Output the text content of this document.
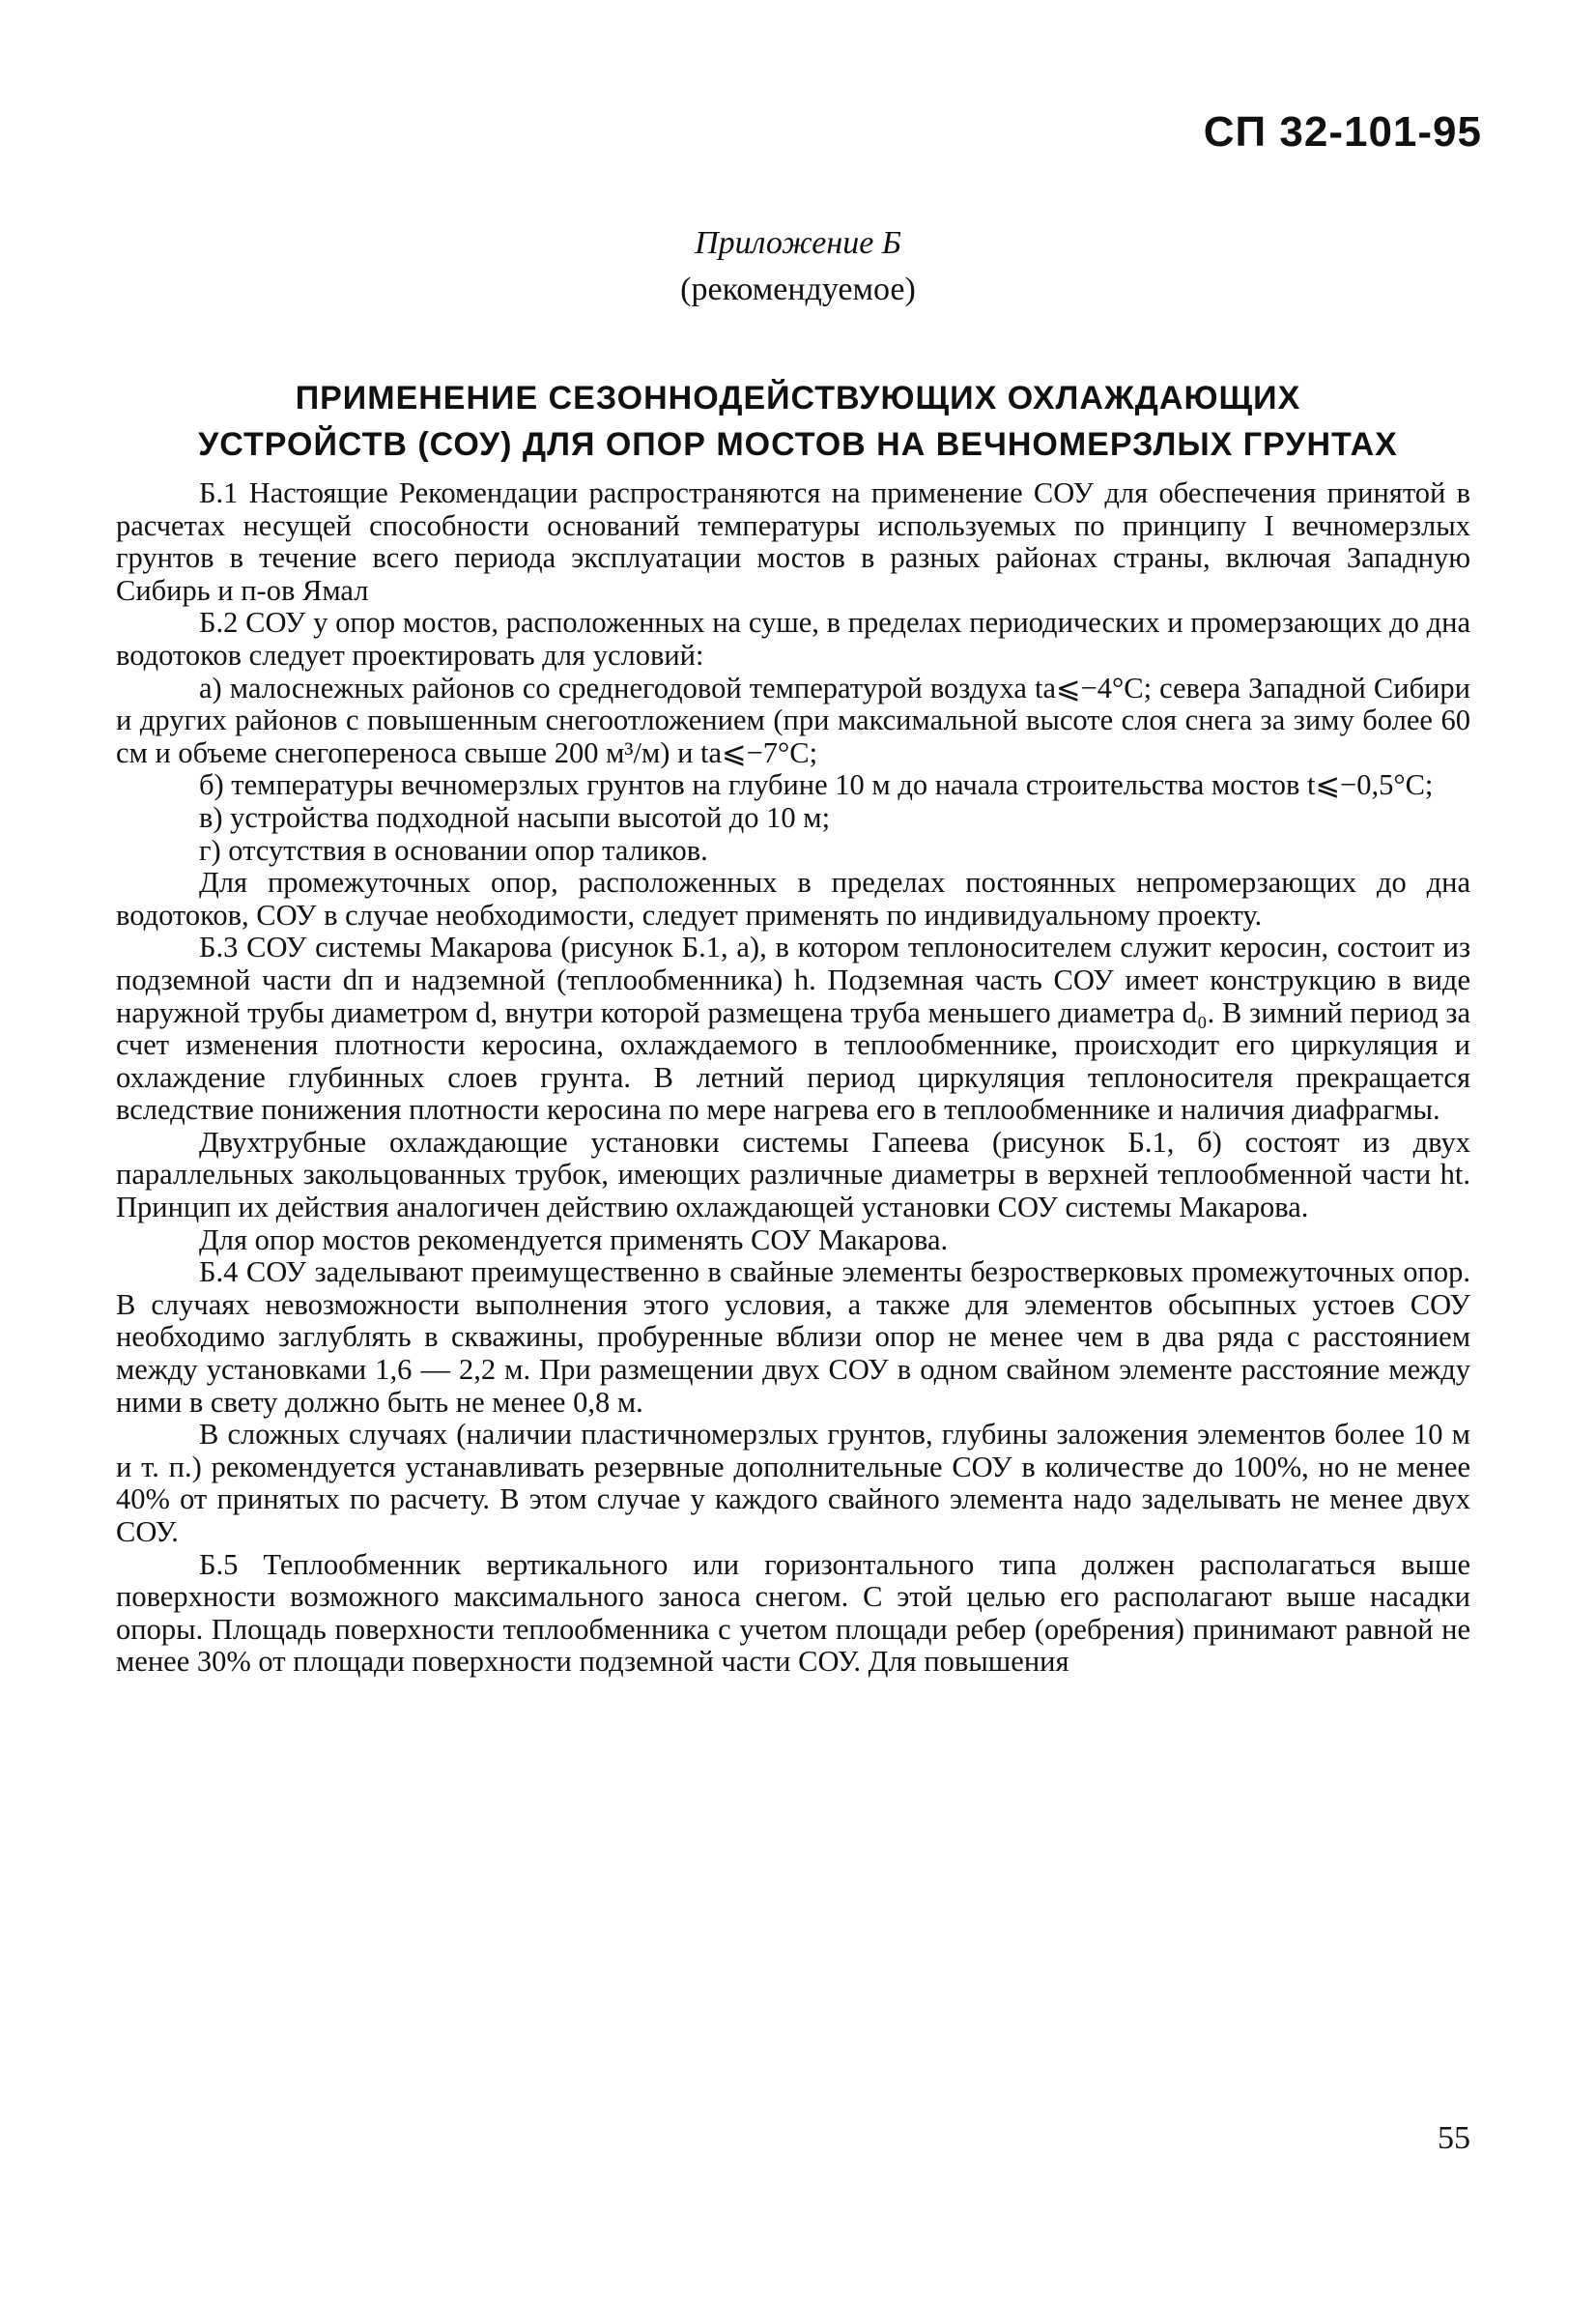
СП 32-101-95
Приложение Б
(рекомендуемое)
ПРИМЕНЕНИЕ СЕЗОННОДЕЙСТВУЮЩИХ ОХЛАЖДАЮЩИХ
УСТРОЙСТВ (СОУ) ДЛЯ ОПОР МОСТОВ НА ВЕЧНОМЕРЗЛЫХ ГРУНТАХ

Б.1 Настоящие Рекомендации распространяются на применение СОУ для обеспечения принятой в расчетах несущей способности оснований температуры используемых по принципу I вечномерзлых грунтов в течение всего периода эксплуатации мостов в разных районах страны, включая Западную Сибирь и п-ов Ямал

Б.2 СОУ у опор мостов, расположенных на суше, в пределах периодических и промерзающих до дна водотоков следует проектировать для условий:

а) малоснежных районов со среднегодовой температурой воздуха tа⩽−4°С; севера Западной Сибири и других районов с повышенным снегоотложением (при максимальной высоте слоя снега за зиму более 60 см и объеме снегопереноса свыше 200 м³/м) и tа⩽−7°С;

б) температуры вечномерзлых грунтов на глубине 10 м до начала строительства мостов t⩽−0,5°С;

в) устройства подходной насыпи высотой до 10 м;

г) отсутствия в основании опор таликов.

Для промежуточных опор, расположенных в пределах постоянных непромерзающих до дна водотоков, СОУ в случае необходимости, следует применять по индивидуальному проекту.

Б.3 СОУ системы Макарова (рисунок Б.1, а), в котором теплоносителем служит керосин, состоит из подземной части dп и надземной (теплообменника) h. Подземная часть СОУ имеет конструкцию в виде наружной трубы диаметром d, внутри которой размещена труба меньшего диаметра d₀. В зимний период за счет изменения плотности керосина, охлаждаемого в теплообменнике, происходит его циркуляция и охлаждение глубинных слоев грунта. В летний период циркуляция теплоносителя прекращается вследствие понижения плотности керосина по мере нагрева его в теплообменнике и наличия диафрагмы.

Двухтрубные охлаждающие установки системы Гапеева (рисунок Б.1, б) состоят из двух параллельных закольцованных трубок, имеющих различные диаметры в верхней теплообменной части ht. Принцип их действия аналогичен действию охлаждающей установки СОУ системы Макарова.

Для опор мостов рекомендуется применять СОУ Макарова.

Б.4 СОУ заделывают преимущественно в свайные элементы безростверковых промежуточных опор. В случаях невозможности выполнения этого условия, а также для элементов обсыпных устоев СОУ необходимо заглублять в скважины, пробуренные вблизи опор не менее чем в два ряда с расстоянием между установками 1,6 — 2,2 м. При размещении двух СОУ в одном свайном элементе расстояние между ними в свету должно быть не менее 0,8 м.

В сложных случаях (наличии пластичномерзлых грунтов, глубины заложения элементов более 10 м и т. п.) рекомендуется устанавливать резервные дополнительные СОУ в количестве до 100%, но не менее 40% от принятых по расчету. В этом случае у каждого свайного элемента надо заделывать не менее двух СОУ.

Б.5 Теплообменник вертикального или горизонтального типа должен располагаться выше поверхности возможного максимального заноса снегом. С этой целью его располагают выше насадки опоры. Площадь поверхности теплообменника с учетом площади ребер (оребрения) принимают равной не менее 30% от площади поверхности подземной части СОУ. Для повышения

55
